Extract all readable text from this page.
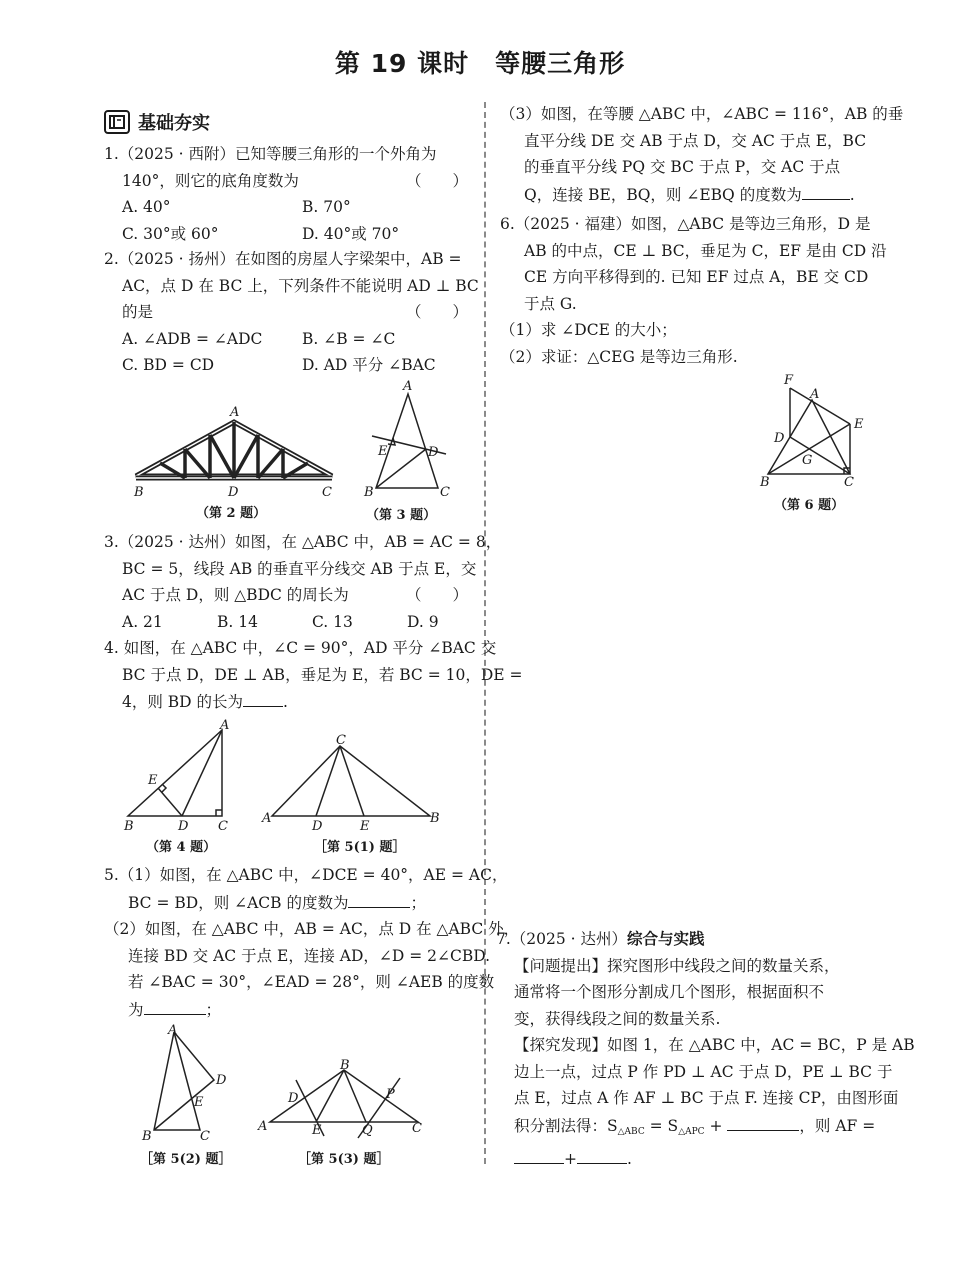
第 19 课时　等腰三角形
基础夯实

1.（2025 · 西附）已知等腰三角形的一个外角为

140°，则它的底角度数为	（　　）

A. 40°	B. 70°
C. 30°或 60°	D. 40°或 70°

2.（2025 · 扬州）在如图的房屋人字梁架中，AB =

AC，点 D 在 BC 上，下列条件不能说明 AD ⊥ BC

的是	（　　）

A. ∠ADB = ∠ADC	B. ∠B = ∠C
C. BD = CD	D. AD 平分 ∠BAC
A
B	D	C
（第 2 题）
A
E	D
B	C
（第 3 题）

3.（2025 · 达州）如图，在 △ABC 中，AB = AC = 8，

BC = 5，线段 AB 的垂直平分线交 AB 于点 E，交

AC 于点 D，则 △BDC 的周长为	（　　）

A. 21	B. 14	C. 13	D. 9

4. 如图，在 △ABC 中，∠C = 90°，AD 平分 ∠BAC 交

BC 于点 D，DE ⊥ AB，垂足为 E，若 BC = 10，DE =

4，则 BD 的长为	.

A
E
B	D C
（第 4 题）
C
A
D	E
B
［第 5(1) 题］

5.（1）如图，在 △ABC 中，∠DCE = 40°，AE = AC，

BC = BD，则 ∠ACB 的度数为	；

（2）如图，在 △ABC 中，AB = AC，点 D 在 △ABC 外，

连接 BD 交 AC 于点 E，连接 AD，∠D = 2∠CBD.

若 ∠BAC = 30°，∠EAD = 28°，则 ∠AEB 的度数

为	；

A
D
E
B	C
［第 5(2) 题］
B
D	P
A	E	Q	C
［第 5(3) 题］

（3）如图，在等腰 △ABC 中，∠ABC = 116°，AB 的垂

直平分线 DE 交 AB 于点 D，交 AC 于点 E，BC

的垂直平分线 PQ 交 BC 于点 P，交 AC 于点

Q，连接 BE，BQ，则 ∠EBQ 的度数为	.

6.（2025 · 福建）如图，△ABC 是等边三角形，D 是

AB 的中点，CE ⊥ BC，垂足为 C，EF 是由 CD 沿

CE 方向平移得到的. 已知 EF 过点 A，BE 交 CD

于点 G.

（1）求 ∠DCE 的大小；

（2）求证：△CEG 是等边三角形.

F
A
E
D
G
B	C
（第 6 题）

7.（2025 · 达州）综合与实践

【问题提出】探究图形中线段之间的数量关系，

通常将一个图形分割成几个图形，根据面积不

变，获得线段之间的数量关系.

【探究发现】如图 1，在 △ABC 中，AC = BC，P 是 AB

边上一点，过点 P 作 PD ⊥ AC 于点 D，PE ⊥ BC 于

点 E，过点 A 作 AF ⊥ BC 于点 F. 连接 CP，由图形面

积分割法得：$S_{\triangle ABC} = S_{\triangle APC}$ +	，则 AF =

+	.
